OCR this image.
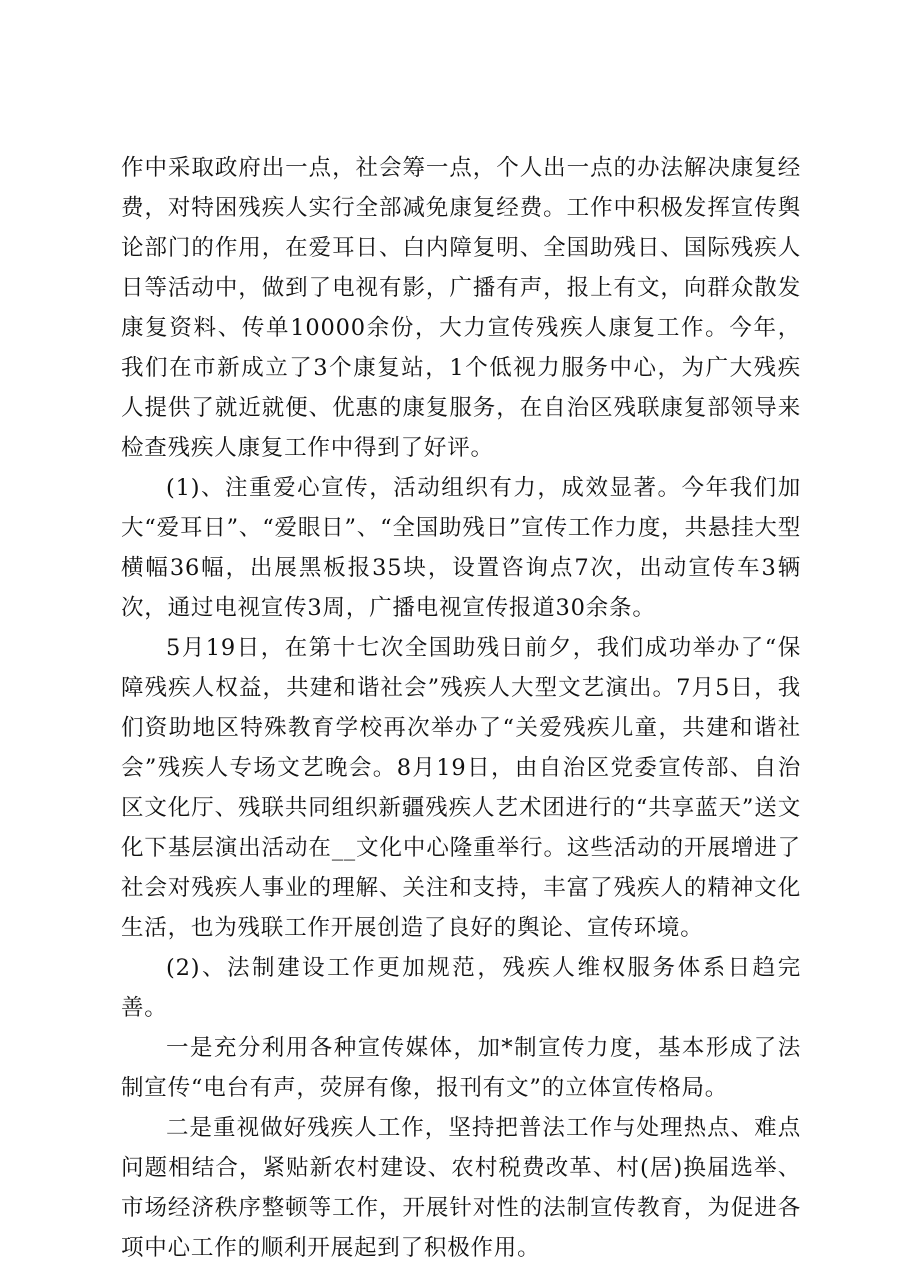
作中采取政府出一点，社会筹一点，个人出一点的办法解决康复经费，对特困残疾人实行全部减免康复经费。工作中积极发挥宣传舆论部门的作用，在爱耳日、白内障复明、全国助残日、国际残疾人日等活动中，做到了电视有影，广播有声，报上有文，向群众散发康复资料、传单10000余份，大力宣传残疾人康复工作。今年，我们在市新成立了3个康复站，1个低视力服务中心，为广大残疾人提供了就近就便、优惠的康复服务，在自治区残联康复部领导来检查残疾人康复工作中得到了好评。

(1)、注重爱心宣传，活动组织有力，成效显著。今年我们加大“爱耳日”、“爱眼日”、“全国助残日”宣传工作力度，共悬挂大型横幅36幅，出展黑板报35块，设置咨询点7次，出动宣传车3辆次，通过电视宣传3周，广播电视宣传报道30余条。

5月19日，在第十七次全国助残日前夕，我们成功举办了“保障残疾人权益，共建和谐社会”残疾人大型文艺演出。7月5日，我们资助地区特殊教育学校再次举办了“关爱残疾儿童，共建和谐社会”残疾人专场文艺晚会。8月19日，由自治区党委宣传部、自治区文化厅、残联共同组织新疆残疾人艺术团进行的“共享蓝天”送文化下基层演出活动在__文化中心隆重举行。这些活动的开展增进了社会对残疾人事业的理解、关注和支持，丰富了残疾人的精神文化生活，也为残联工作开展创造了良好的舆论、宣传环境。

(2)、法制建设工作更加规范，残疾人维权服务体系日趋完善。

一是充分利用各种宣传媒体，加*制宣传力度，基本形成了法制宣传“电台有声，荧屏有像，报刊有文”的立体宣传格局。

二是重视做好残疾人工作，坚持把普法工作与处理热点、难点问题相结合，紧贴新农村建设、农村税费改革、村(居)换届选举、市场经济秩序整顿等工作，开展针对性的法制宣传教育，为促进各项中心工作的顺利开展起到了积极作用。
